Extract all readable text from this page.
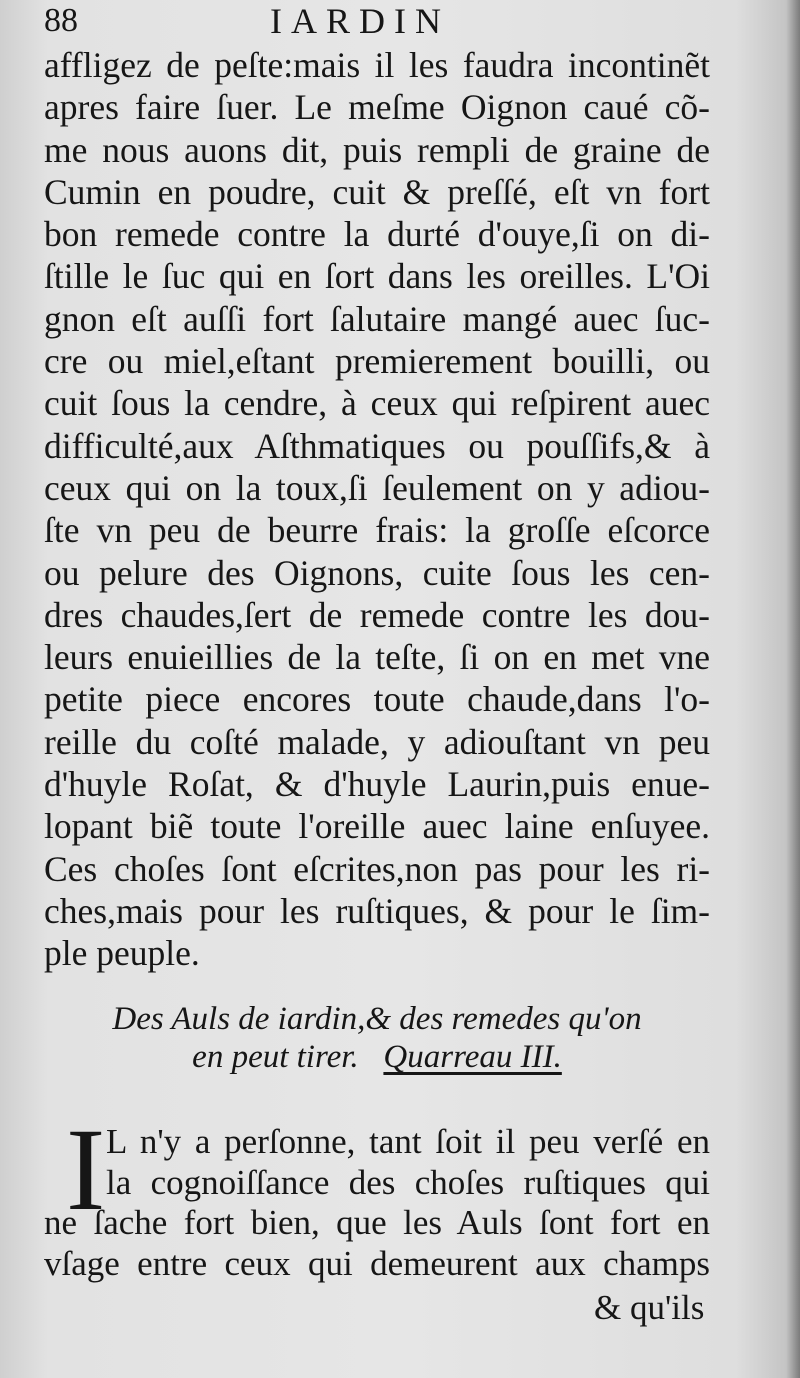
88	IARDIN
affligez de peſte:mais il les faudra incontinẽt
apres faire ſuer. Le meſme Oignon caué cõ-
me nous auons dit, puis rempli de graine de
Cumin en poudre, cuit & preſſé, eſt vn fort
bon remede contre la durté d'ouye,ſi on di-
ſtille le ſuc qui en ſort dans les oreilles. L'Oi
gnon eſt auſſi fort ſalutaire mangé auec ſuc-
cre ou miel,eſtant premierement bouilli, ou
cuit ſous la cendre, à ceux qui reſpirent auec
difficulté,aux Aſthmatiques ou pouſſifs,& à
ceux qui on la toux,ſi ſeulement on y adiou-
ſte vn peu de beurre frais: la groſſe eſcorce
ou pelure des Oignons, cuite ſous les cen-
dres chaudes,ſert de remede contre les dou-
leurs enuieillies de la teſte, ſi on en met vne
petite piece encores toute chaude,dans l'o-
reille du coſté malade, y adiouſtant vn peu
d'huyle Roſat, & d'huyle Laurin,puis enue-
lopant biẽ toute l'oreille auec laine enſuyee.
Ces choſes ſont eſcrites,non pas pour les ri-
ches,mais pour les ruſtiques, & pour le ſim-
ple peuple.
Des Auls de iardin,& des remedes qu'on
en peut tirer. Quarreau III.
I L n'y a perſonne, tant ſoit il peu verſé en
la cognoiſſance des choſes ruſtiques qui
ne ſache fort bien, que les Auls ſont fort en
vſage entre ceux qui demeurent aux champs
& qu'ils
